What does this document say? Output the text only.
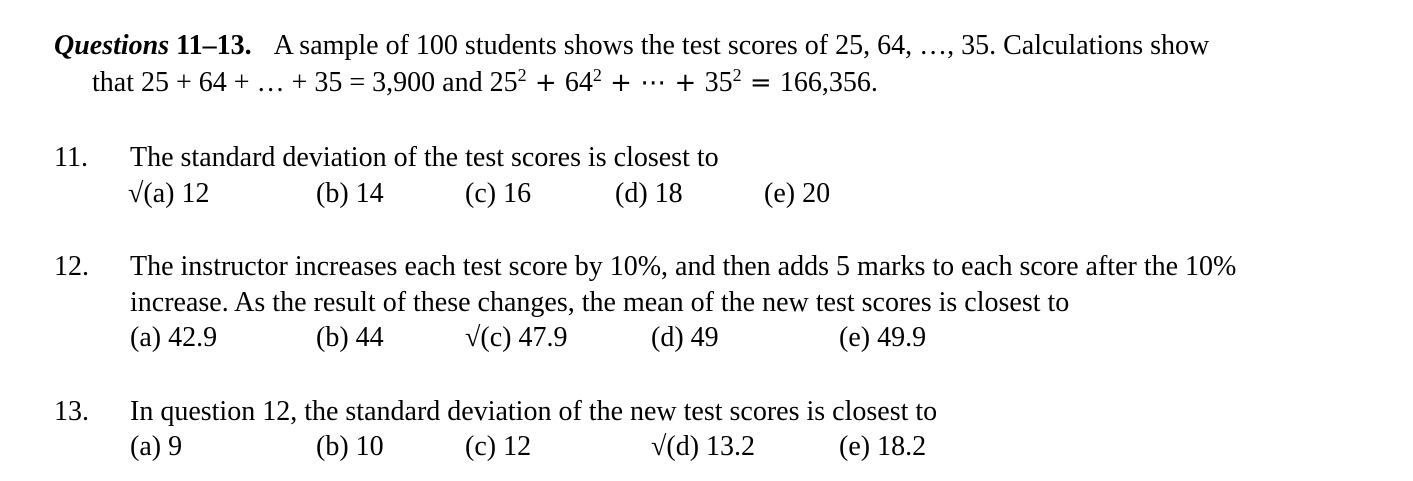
Questions 11–13. A sample of 100 students shows the test scores of 25, 64, …, 35. Calculations show
that 25 + 64 + … + 35 = 3,900 and $25^2 + 64^2$ + ⋯ + $35^2 = 166,356$.
11. The standard deviation of the test scores is closest to
√(a) 12	(b) 14	(c) 16	(d) 18	(e) 20
12. The instructor increases each test score by 10%, and then adds 5 marks to each score after the 10%
increase. As the result of these changes, the mean of the new test scores is closest to
(a) 42.9	(b) 44	√(c) 47.9	(d) 49	(e) 49.9
13. In question 12, the standard deviation of the new test scores is closest to
(a) 9	(b) 10	(c) 12	√(d) 13.2	(e) 18.2
